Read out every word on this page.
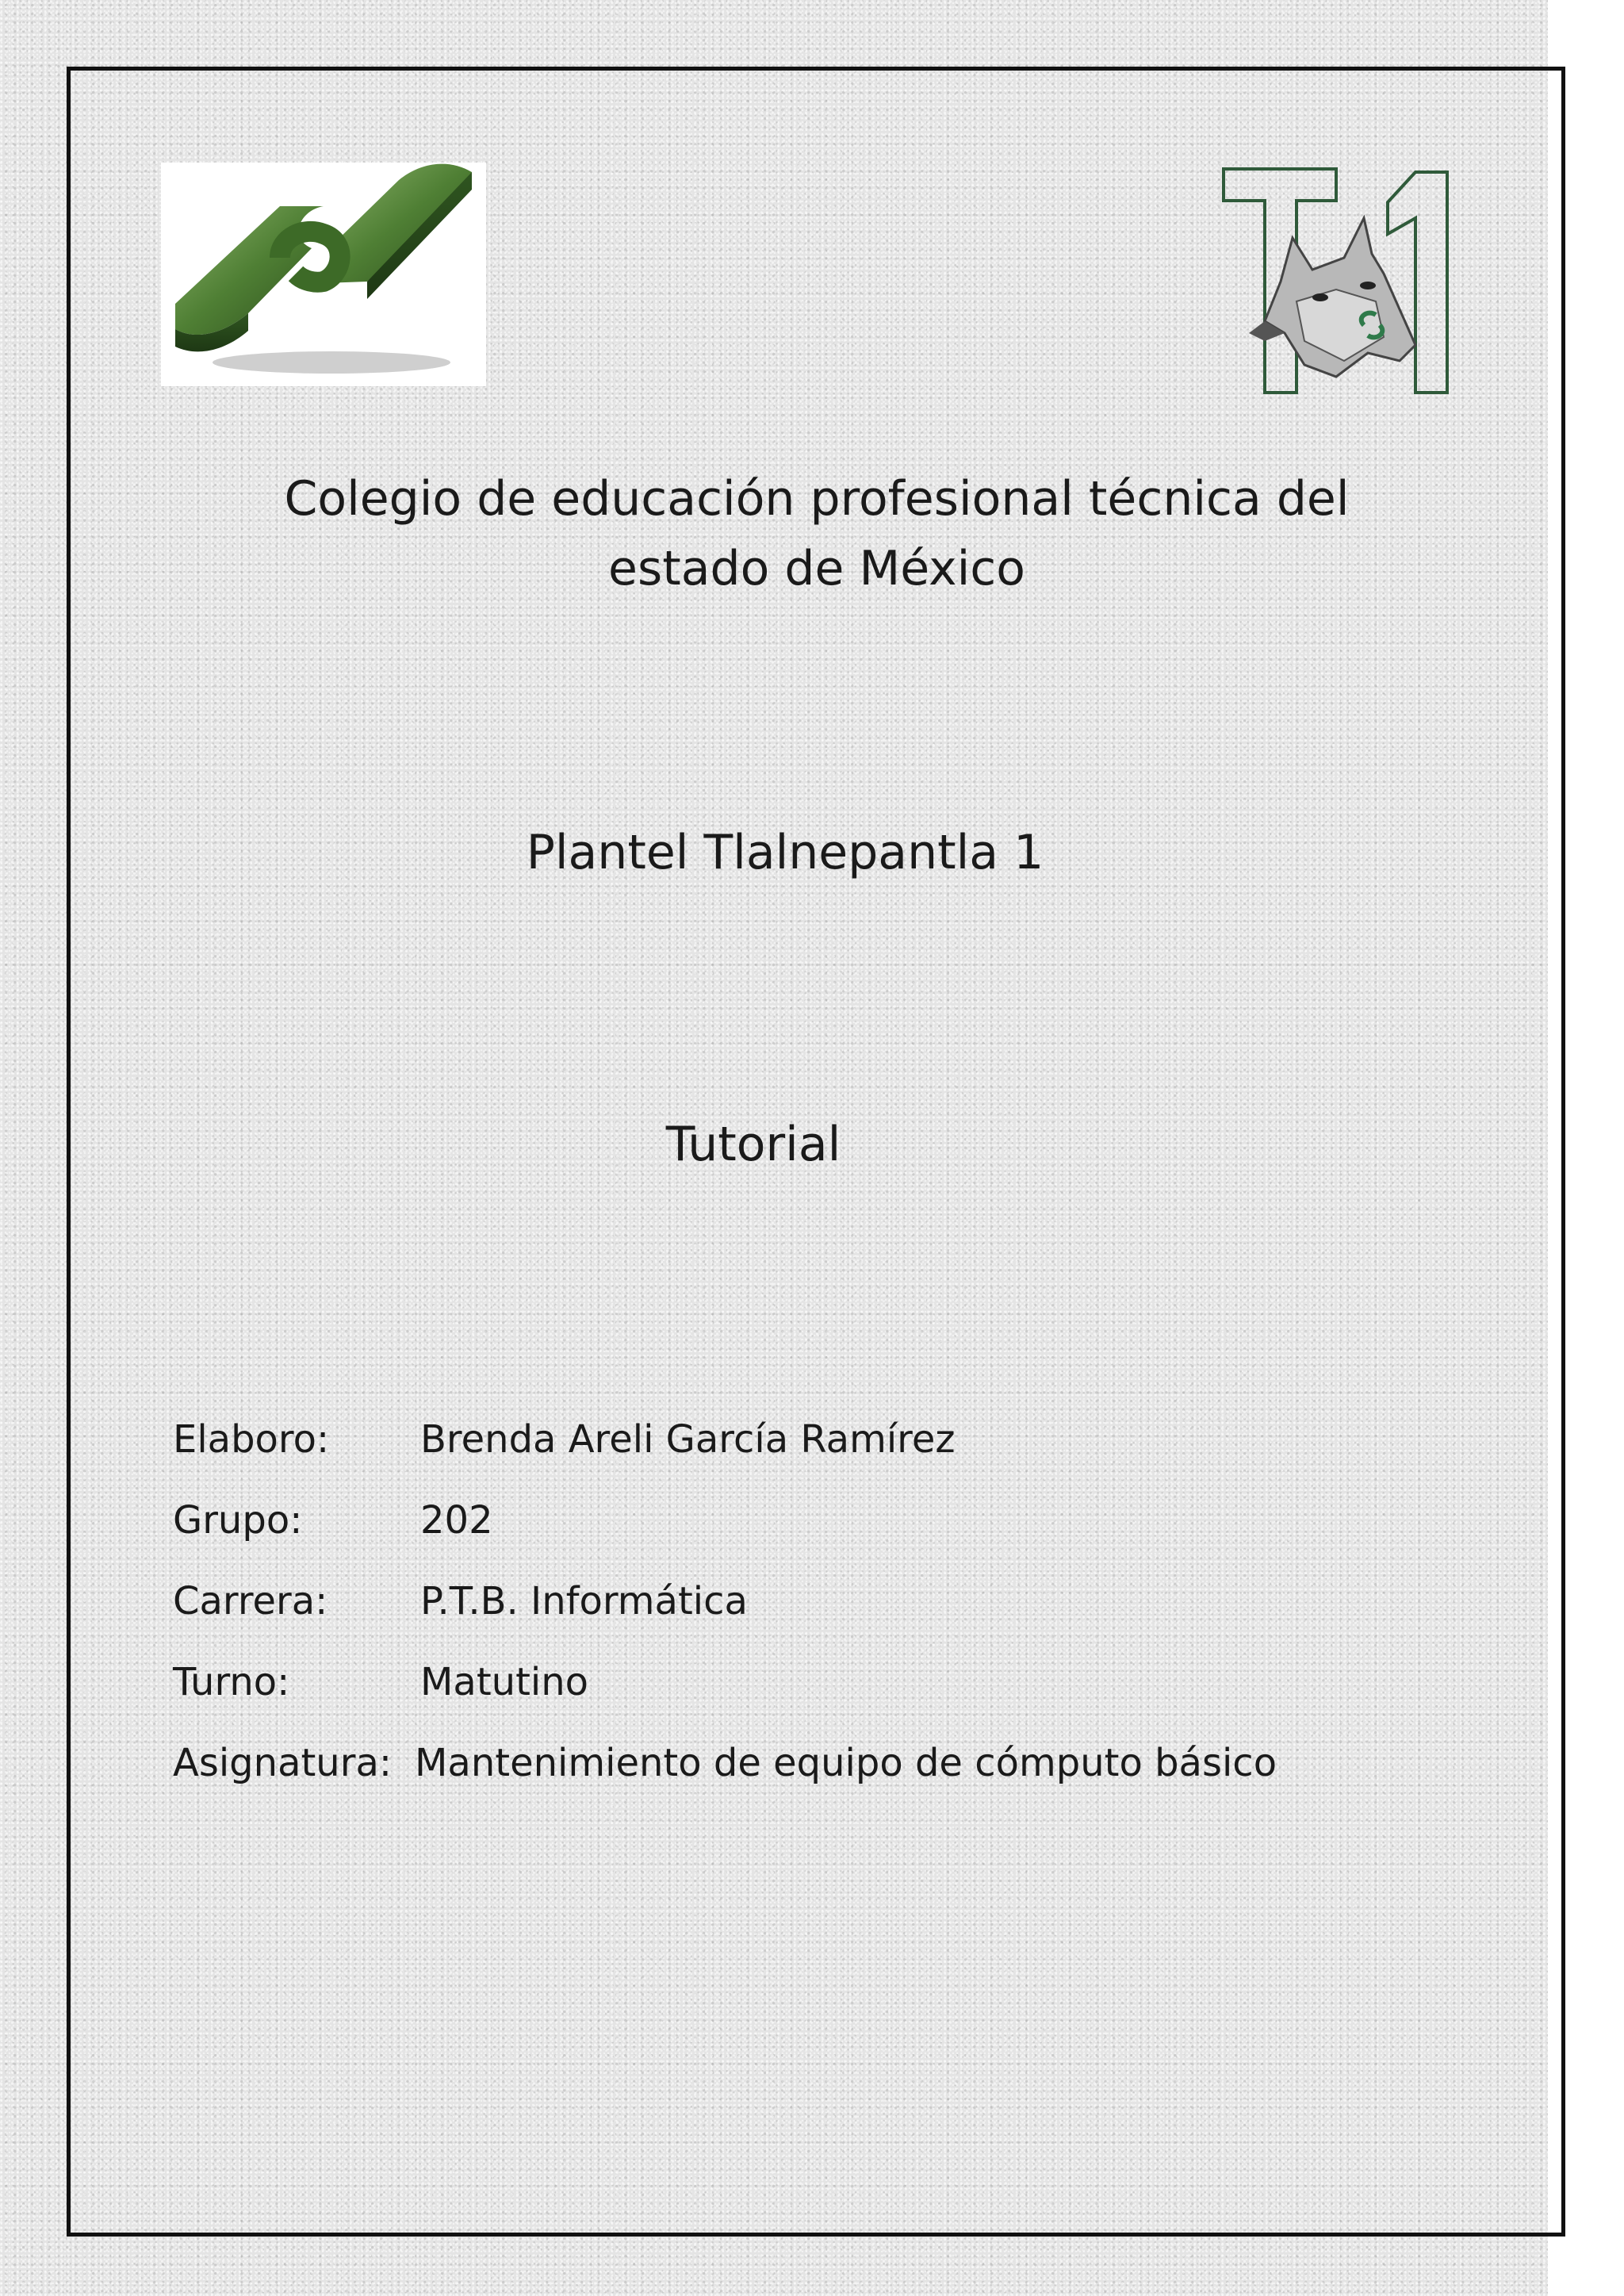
Colegio de educación profesional técnica del
estado de México
Plantel Tlalnepantla 1
Tutorial
Elaboro: Brenda Areli García Ramírez
Grupo:	202
Carrera: P.T.B. Informática
Turno:	Matutino
Asignatura: Mantenimiento de equipo de cómputo básico
